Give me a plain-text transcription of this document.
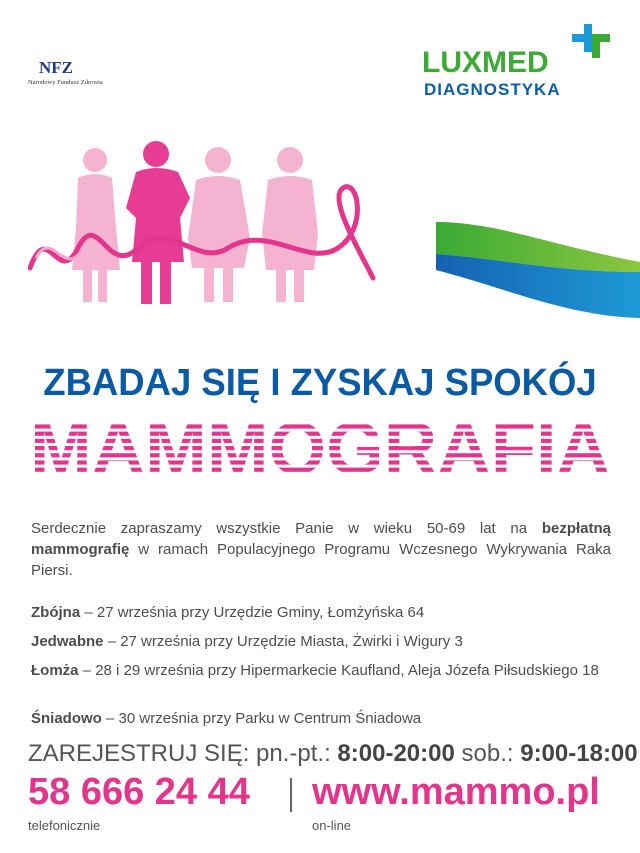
NFZ
Narodowy Fundusz Zdrowia
LUXMED
DIAGNOSTYKA
ZBADAJ SIĘ I ZYSKAJ SPOKÓJ
MAMMOGRAFIA
Serdecznie zapraszamy wszystkie Panie w wieku 50-69 lat na bezpłatną mammografię w ramach Populacyjnego Programu Wczesnego Wykrywania Raka Piersi.
Zbójna – 27 września przy Urzędzie Gminy, Łomżyńska 64
Jedwabne – 27 września przy Urzędzie Miasta, Żwirki i Wigury 3
Łomża – 28 i 29 września przy Hipermarkecie Kaufland, Aleja Józefa Piłsudskiego 18
Śniadowo – 30 września przy Parku w Centrum Śniadowa
ZAREJESTRUJ SIĘ: pn.-pt.: 8:00-20:00 sob.: 9:00-18:00
58 666 24 44 www.mammo.pl
telefonicznie	on-line
